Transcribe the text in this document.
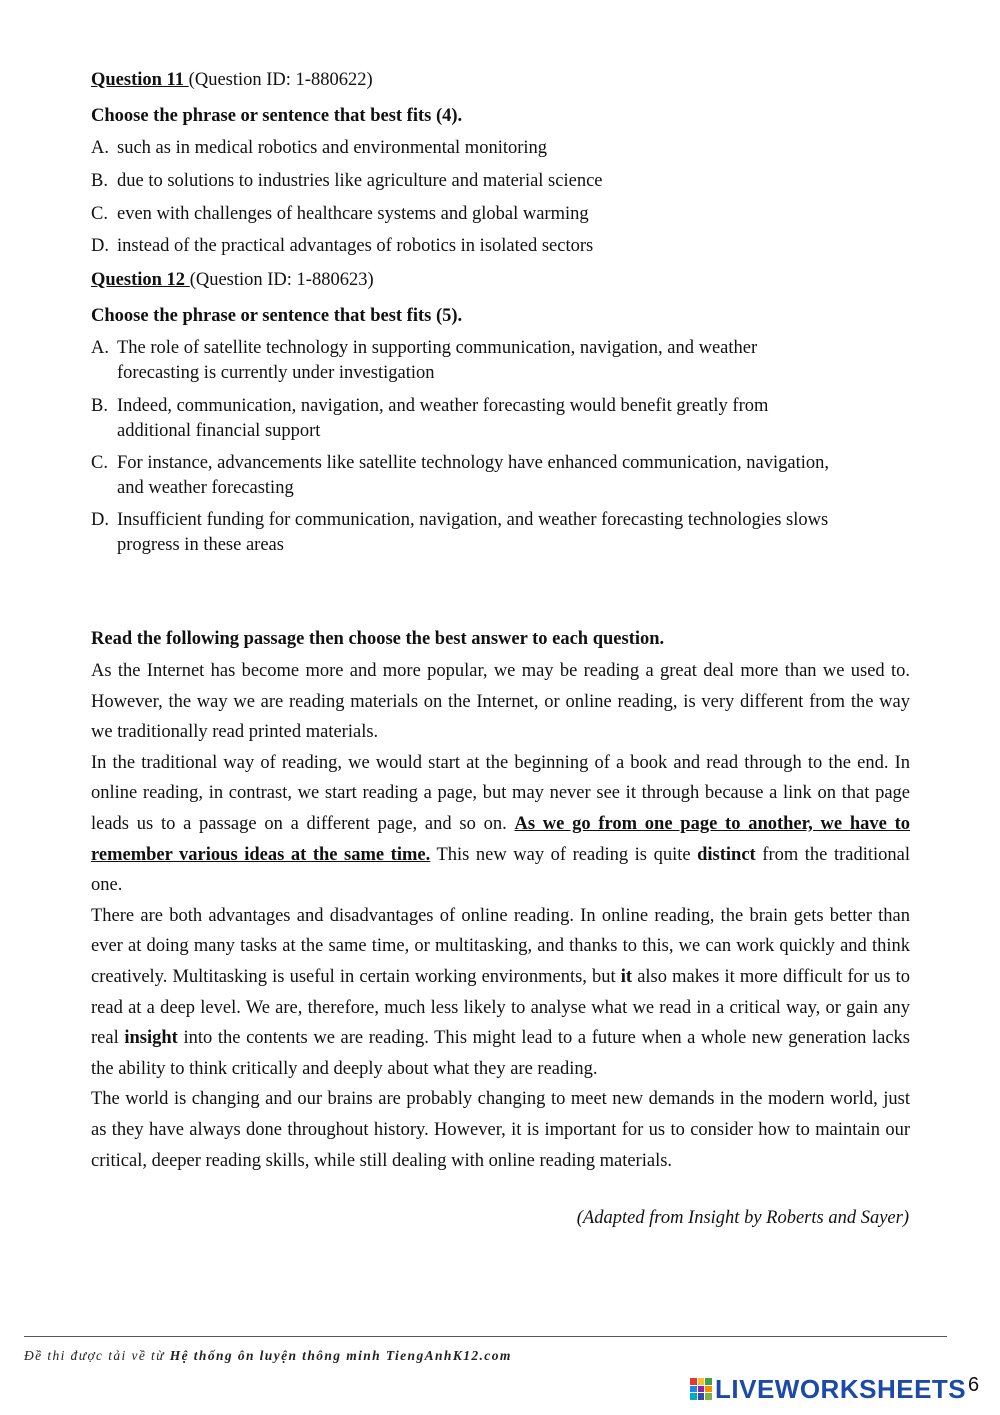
Question 11 (Question ID: 1-880622)
Choose the phrase or sentence that best fits (4).
A. such as in medical robotics and environmental monitoring
B. due to solutions to industries like agriculture and material science
C. even with challenges of healthcare systems and global warming
D. instead of the practical advantages of robotics in isolated sectors
Question 12 (Question ID: 1-880623)
Choose the phrase or sentence that best fits (5).
A. The role of satellite technology in supporting communication, navigation, and weather
forecasting is currently under investigation
B. Indeed, communication, navigation, and weather forecasting would benefit greatly from
additional financial support
C. For instance, advancements like satellite technology have enhanced communication, navigation,
and weather forecasting
D. Insufficient funding for communication, navigation, and weather forecasting technologies slows
progress in these areas
Read the following passage then choose the best answer to each question.

As the Internet has become more and more popular, we may be reading a great deal more than we used to. However, the way we are reading materials on the Internet, or online reading, is very different from the way we traditionally read printed materials.

In the traditional way of reading, we would start at the beginning of a book and read through to the end. In online reading, in contrast, we start reading a page, but may never see it through because a link on that page leads us to a passage on a different page, and so on. As we go from one page to another, we have to remember various ideas at the same time. This new way of reading is quite distinct from the traditional one.

There are both advantages and disadvantages of online reading. In online reading, the brain gets better than ever at doing many tasks at the same time, or multitasking, and thanks to this, we can work quickly and think creatively. Multitasking is useful in certain working environments, but it also makes it more difficult for us to read at a deep level. We are, therefore, much less likely to analyse what we read in a critical way, or gain any real insight into the contents we are reading. This might lead to a future when a whole new generation lacks the ability to think critically and deeply about what they are reading.

The world is changing and our brains are probably changing to meet new demands in the modern world, just as they have always done throughout history. However, it is important for us to consider how to maintain our critical, deeper reading skills, while still dealing with online reading materials.

(Adapted from Insight by Roberts and Sayer)
Đề thi được tải về từ Hệ thống ôn luyện thông minh TiengAnhK12.com
LIVEWORKSHEETS 6
